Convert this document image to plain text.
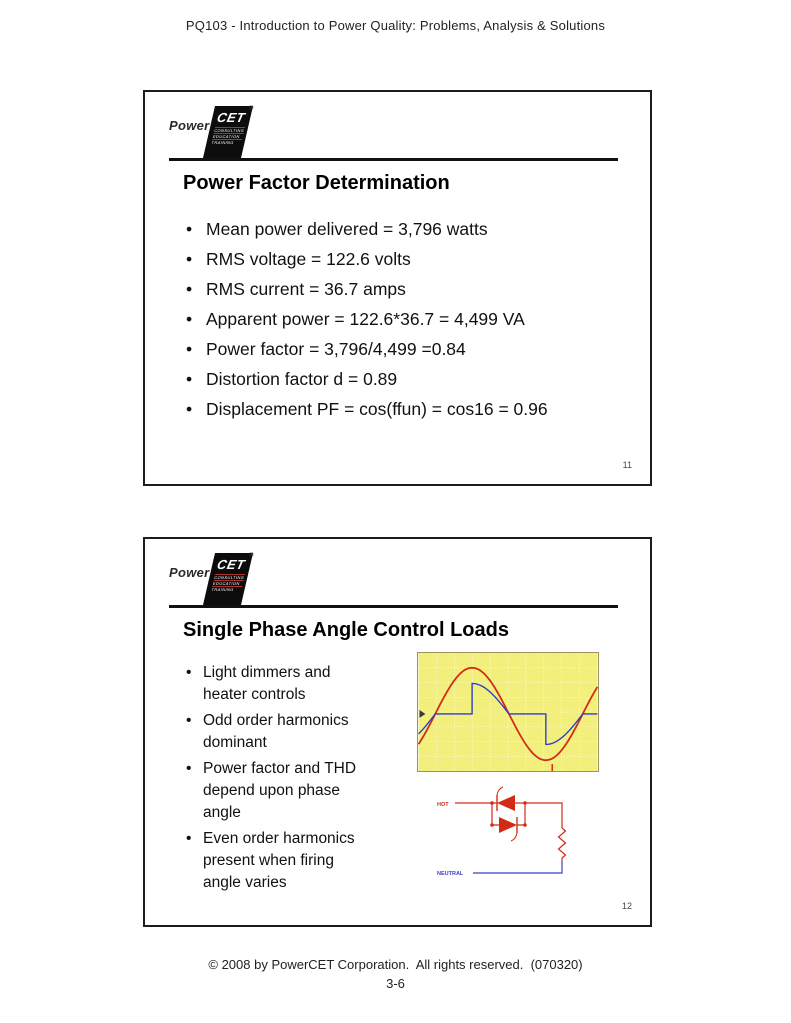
PQ103 - Introduction to Power Quality: Problems, Analysis & Solutions
Power
CET
CONSULTING
EDUCATION
TRAINING
®
Power Factor Determination
• Mean power delivered = 3,796 watts
• RMS voltage = 122.6 volts
• RMS current = 36.7 amps
• Apparent power = 122.6*36.7 = 4,499 VA
• Power factor = 3,796/4,499 =0.84
• Distortion factor d = 0.89
• Displacement PF = cos(ffun) = cos16 = 0.96
11
Power
CET
CONSULTING
EDUCATION
TRAINING
®
Single Phase Angle Control Loads
• Light dimmers and heater controls
• Odd order harmonics dominant
• Power factor and THD depend upon phase angle
• Even order harmonics present when firing angle varies
HOT
NEUTRAL
12
© 2008 by PowerCET Corporation.  All rights reserved.  (070320)
3-6
